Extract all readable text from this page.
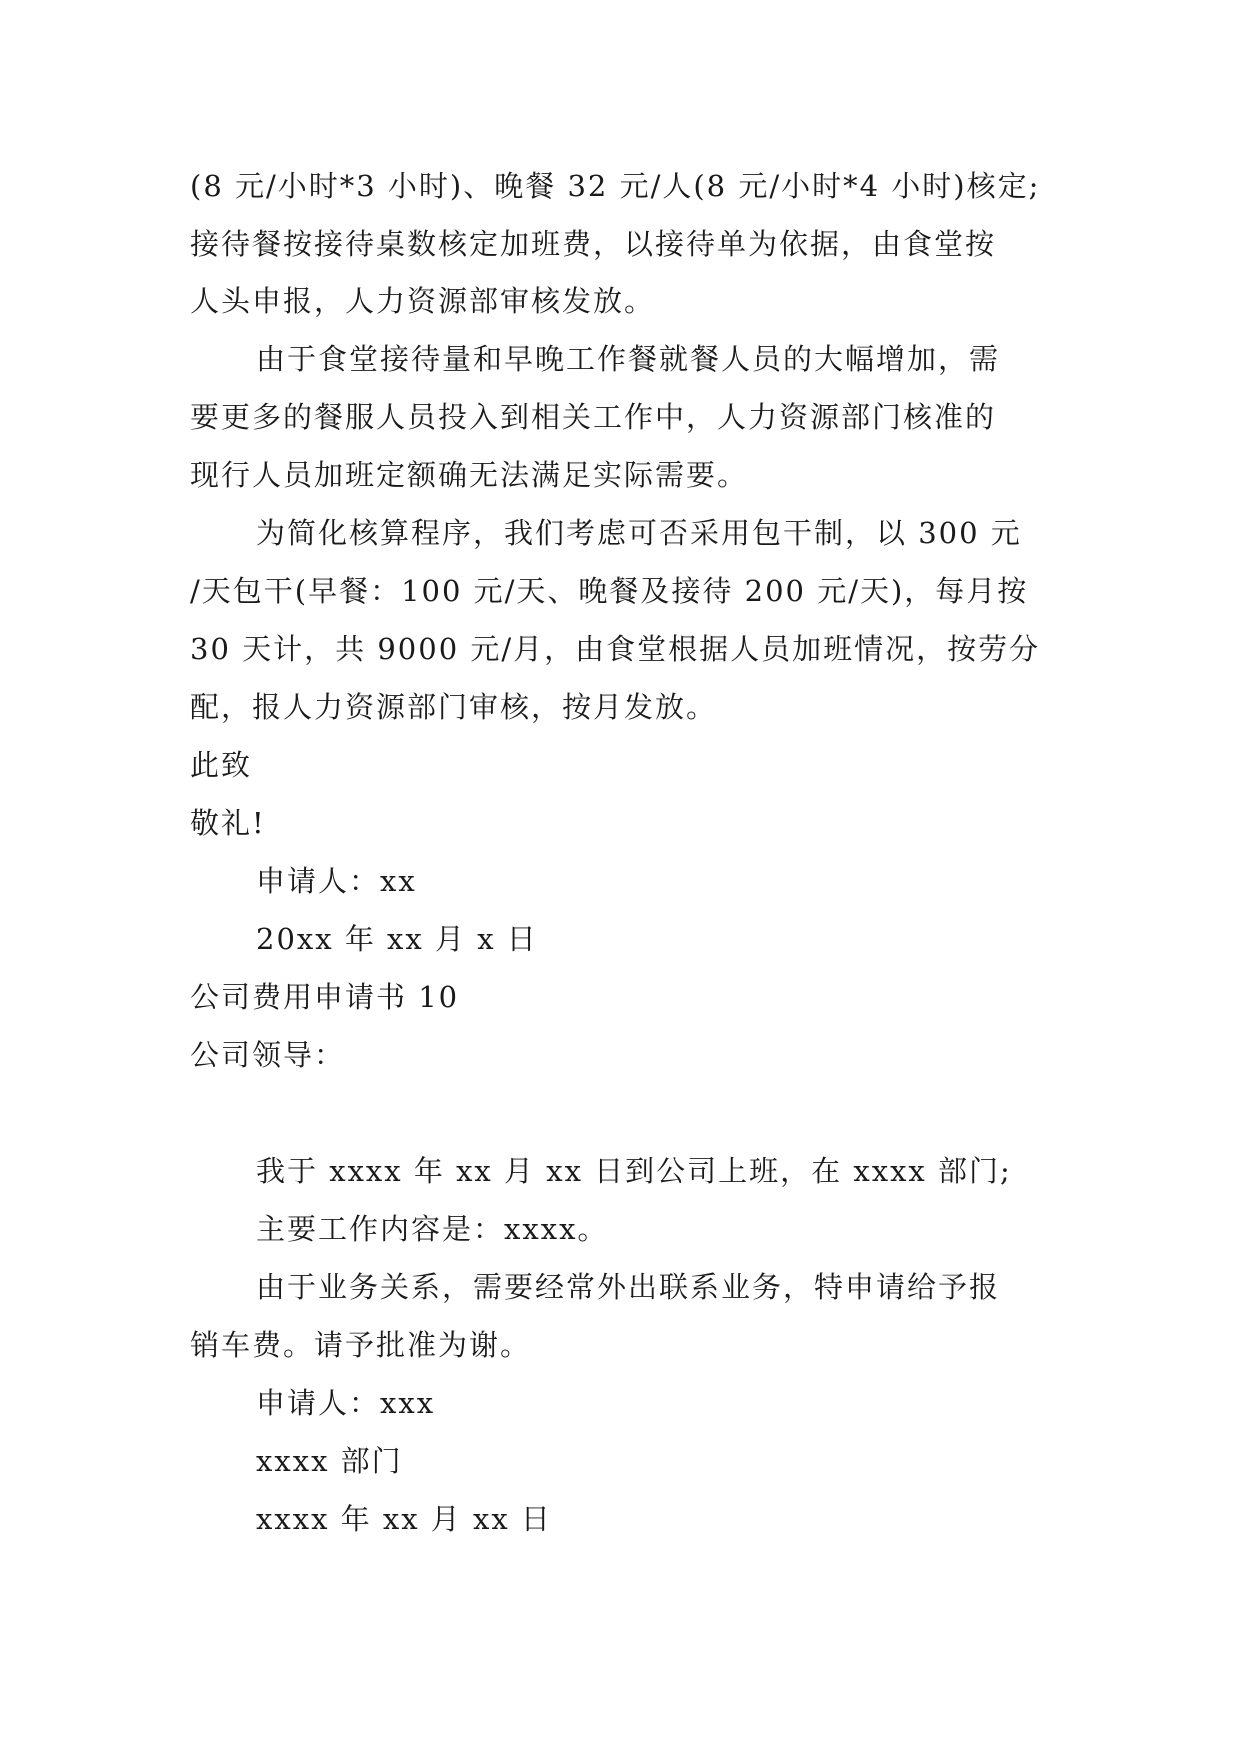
(8 元/小时*3 小时)、晚餐 32 元/人(8 元/小时*4 小时)核定;
接待餐按接待桌数核定加班费，以接待单为依据，由食堂按
人头申报，人力资源部审核发放。
由于食堂接待量和早晚工作餐就餐人员的大幅增加，需
要更多的餐服人员投入到相关工作中，人力资源部门核准的
现行人员加班定额确无法满足实际需要。
为简化核算程序，我们考虑可否采用包干制，以 300 元
/天包干(早餐：100 元/天、晚餐及接待 200 元/天)，每月按
30 天计，共 9000 元/月，由食堂根据人员加班情况，按劳分
配，报人力资源部门审核，按月发放。
此致
敬礼!
申请人：xx
20xx 年 xx 月 x 日
公司费用申请书 10
公司领导：
我于 xxxx 年 xx 月 xx 日到公司上班，在 xxxx 部门;
主要工作内容是：xxxx。
由于业务关系，需要经常外出联系业务，特申请给予报
销车费。请予批准为谢。
申请人：xxx
xxxx 部门
xxxx 年 xx 月 xx 日
